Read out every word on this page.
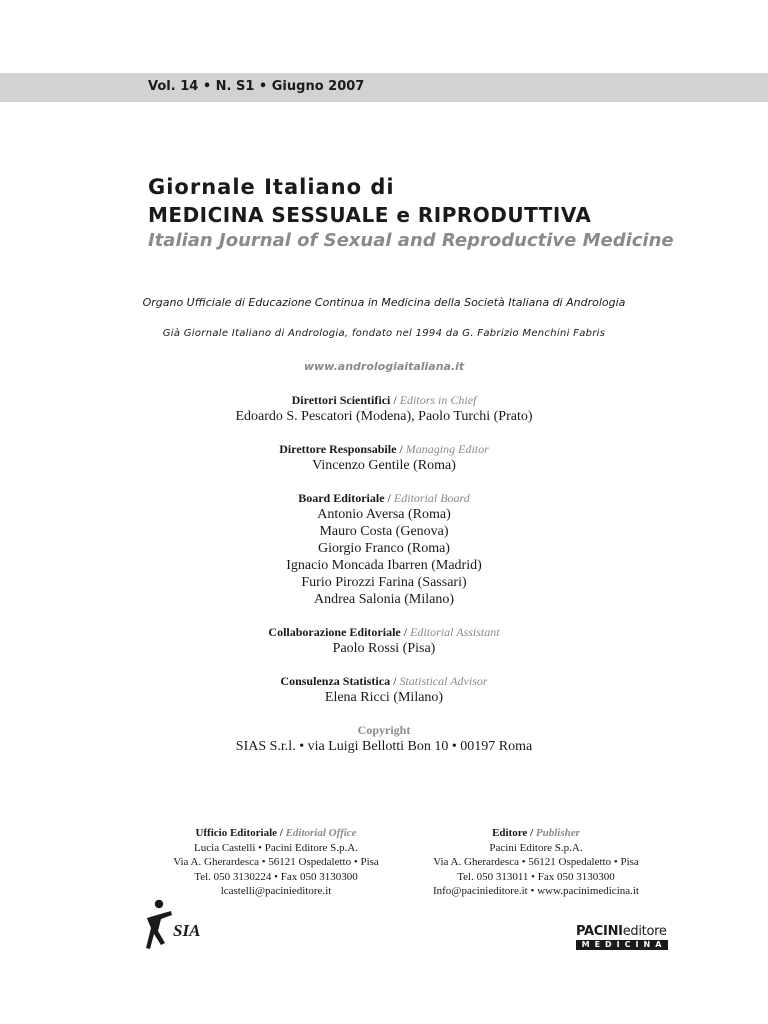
Vol. 14 • N. S1 • Giugno 2007
Giornale Italiano di
MEDICINA SESSUALE e RIPRODUTTIVA
Italian Journal of Sexual and Reproductive Medicine
Organo Ufficiale di Educazione Continua in Medicina della Società Italiana di Andrologia
Già Giornale Italiano di Andrologia, fondato nel 1994 da G. Fabrizio Menchini Fabris
www.andrologiaitaliana.it
Direttori Scientifici / Editors in Chief
Edoardo S. Pescatori (Modena), Paolo Turchi (Prato)
Direttore Responsabile / Managing Editor
Vincenzo Gentile (Roma)
Board Editoriale / Editorial Board
Antonio Aversa (Roma)
Mauro Costa (Genova)
Giorgio Franco (Roma)
Ignacio Moncada Ibarren (Madrid)
Furio Pirozzi Farina (Sassari)
Andrea Salonia (Milano)
Collaborazione Editoriale / Editorial Assistant
Paolo Rossi (Pisa)
Consulenza Statistica / Statistical Advisor
Elena Ricci (Milano)
Copyright
SIAS S.r.l. • via Luigi Bellotti Bon 10 • 00197 Roma
Ufficio Editoriale / Editorial Office
Lucia Castelli • Pacini Editore S.p.A.
Via A. Gherardesca • 56121 Ospedaletto • Pisa
Tel. 050 3130224 • Fax 050 3130300
lcastelli@pacinieditore.it
Editore / Publisher
Pacini Editore S.p.A.
Via A. Gherardesca • 56121 Ospedaletto • Pisa
Tel. 050 313011 • Fax 050 3130300
Info@pacinieditore.it • www.pacinimedicina.it
SIA	PACINIeditore
MEDICINA
